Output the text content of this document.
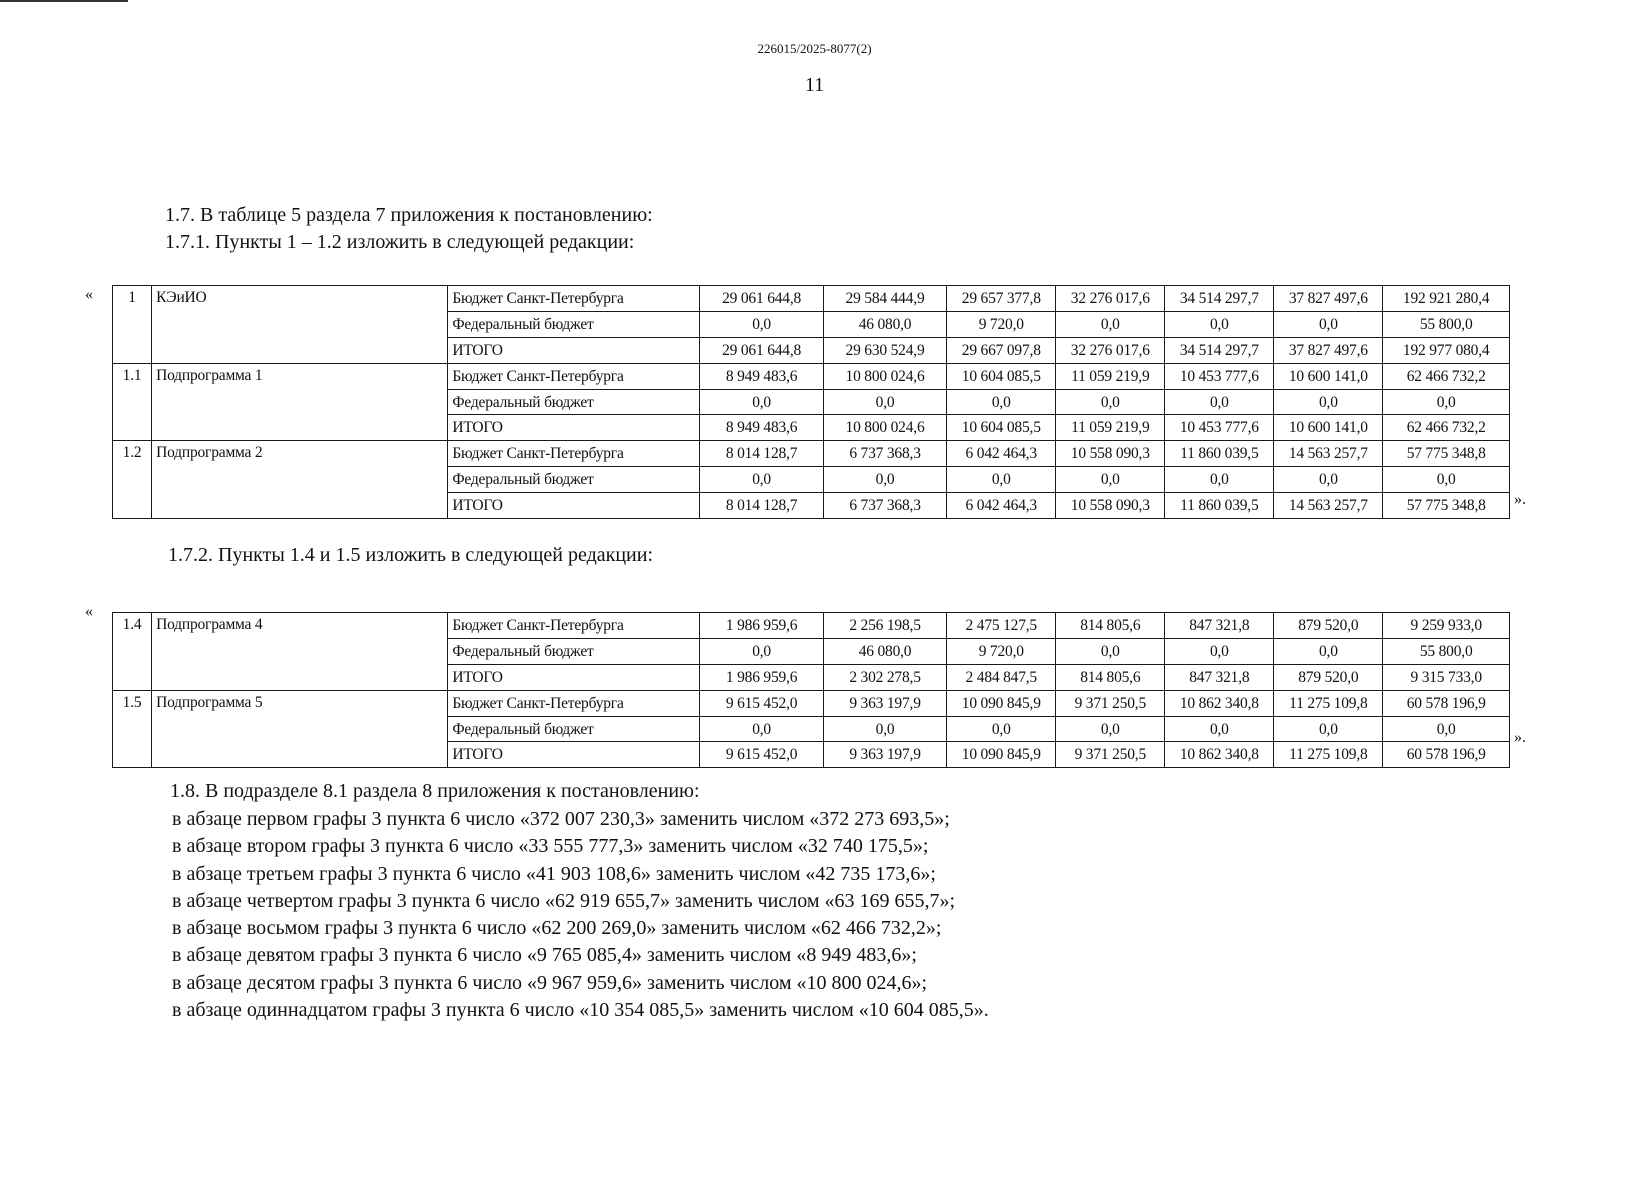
226015/2025-8077(2)
11
1.7. В таблице 5 раздела 7 приложения к постановлению:
1.7.1. Пункты 1 – 1.2 изложить в следующей редакции:
« 1	КЭиИО	Бюджет Санкт-Петербурга	29 061 644,8	29 584 444,9	29 657 377,8	32 276 017,6	34 514 297,7	37 827 497,6	192 921 280,4
		Федеральный бюджет	0,0	46 080,0	9 720,0	0,0	0,0	0,0	55 800,0
		ИТОГО	29 061 644,8	29 630 524,9	29 667 097,8	32 276 017,6	34 514 297,7	37 827 497,6	192 977 080,4
1.1	Подпрограмма 1	Бюджет Санкт-Петербурга	8 949 483,6	10 800 024,6	10 604 085,5	11 059 219,9	10 453 777,6	10 600 141,0	62 466 732,2
		Федеральный бюджет	0,0	0,0	0,0	0,0	0,0	0,0	0,0
		ИТОГО	8 949 483,6	10 800 024,6	10 604 085,5	11 059 219,9	10 453 777,6	10 600 141,0	62 466 732,2
1.2	Подпрограмма 2	Бюджет Санкт-Петербурга	8 014 128,7	6 737 368,3	6 042 464,3	10 558 090,3	11 860 039,5	14 563 257,7	57 775 348,8
		Федеральный бюджет	0,0	0,0	0,0	0,0	0,0	0,0	0,0
		ИТОГО	8 014 128,7	6 737 368,3	6 042 464,3	10 558 090,3	11 860 039,5	14 563 257,7	57 775 348,8 ».
1.7.2. Пункты 1.4 и 1.5 изложить в следующей редакции:
«
1.4	Подпрограмма 4	Бюджет Санкт-Петербурга	1 986 959,6	2 256 198,5	2 475 127,5	814 805,6	847 321,8	879 520,0	9 259 933,0
		Федеральный бюджет	0,0	46 080,0	9 720,0	0,0	0,0	0,0	55 800,0
		ИТОГО	1 986 959,6	2 302 278,5	2 484 847,5	814 805,6	847 321,8	879 520,0	9 315 733,0
1.5	Подпрограмма 5	Бюджет Санкт-Петербурга	9 615 452,0	9 363 197,9	10 090 845,9	9 371 250,5	10 862 340,8	11 275 109,8	60 578 196,9
		Федеральный бюджет	0,0	0,0	0,0	0,0	0,0	0,0	0,0
		ИТОГО	9 615 452,0	9 363 197,9	10 090 845,9	9 371 250,5	10 862 340,8	11 275 109,8	60 578 196,9
».
1.8. В подразделе 8.1 раздела 8 приложения к постановлению:
в абзаце первом графы 3 пункта 6 число «372 007 230,3» заменить числом «372 273 693,5»;
в абзаце втором графы 3 пункта 6 число «33 555 777,3» заменить числом «32 740 175,5»;
в абзаце третьем графы 3 пункта 6 число «41 903 108,6» заменить числом «42 735 173,6»;
в абзаце четвертом графы 3 пункта 6 число «62 919 655,7» заменить числом «63 169 655,7»;
в абзаце восьмом графы 3 пункта 6 число «62 200 269,0» заменить числом «62 466 732,2»;
в абзаце девятом графы 3 пункта 6 число «9 765 085,4» заменить числом «8 949 483,6»;
в абзаце десятом графы 3 пункта 6 число «9 967 959,6» заменить числом «10 800 024,6»;
в абзаце одиннадцатом графы 3 пункта 6 число «10 354 085,5» заменить числом «10 604 085,5».
